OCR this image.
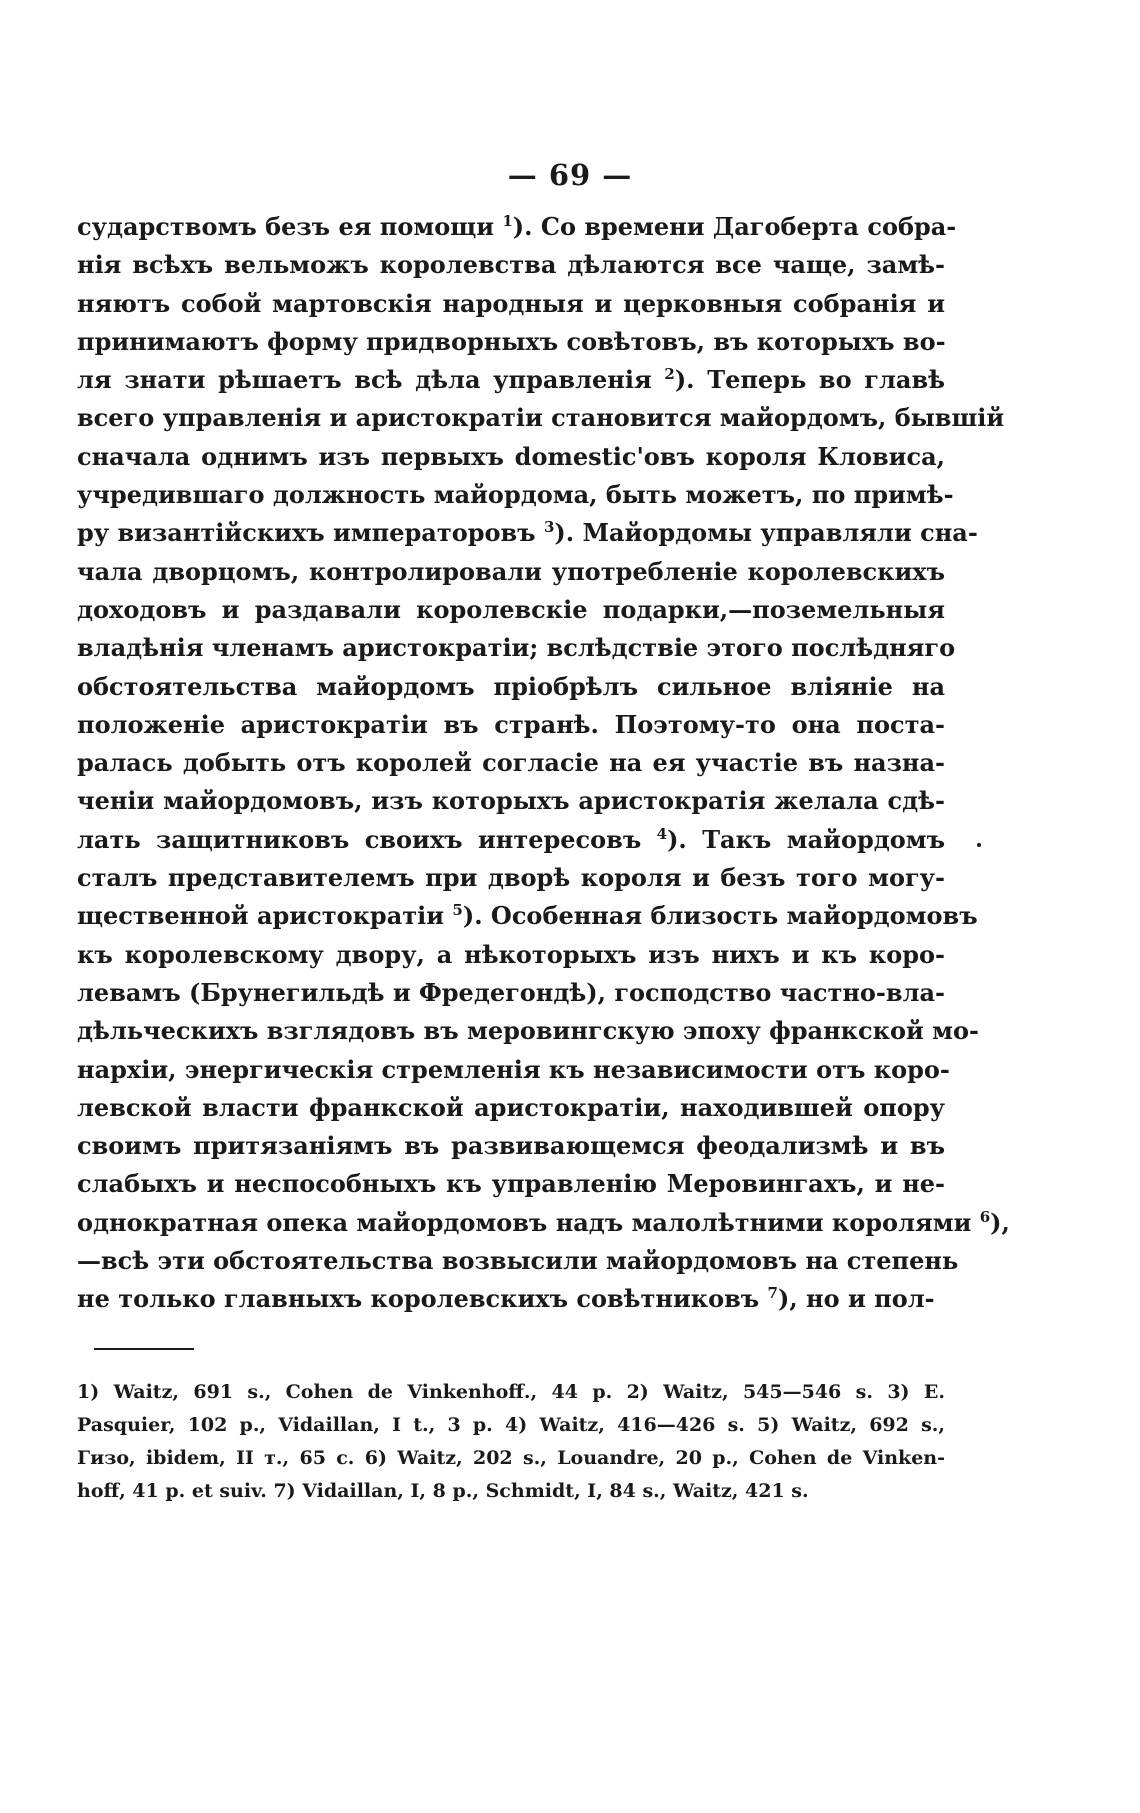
— 69 —
сударствомъ безъ ея помощи $^1$). Со времени Дагоберта собра-
нія всѣхъ вельможъ королевства дѣлаются все чаще, замѣ-
няютъ собой мартовскія народныя и церковныя собранія и
принимаютъ форму придворныхъ совѣтовъ, въ которыхъ во-
ля знати рѣшаетъ всѣ дѣла управленія $^2$). Теперь во главѣ
всего управленія и аристократіи становится майордомъ, бывшій
сначала однимъ изъ первыхъ domestic'овъ короля Кловиса,
учредившаго должность майордома, быть можетъ, по примѣ-
ру византійскихъ императоровъ $^3$). Майордомы управляли сна-
чала дворцомъ, контролировали употребленіе королевскихъ
доходовъ и раздавали королевскіе подарки,—поземельныя
владѣнія членамъ аристократіи; вслѣдствіе этого послѣдняго
обстоятельства майордомъ пріобрѣлъ сильное вліяніе на
положеніе аристократіи въ странѣ. Поэтому-то она поста-
ралась добыть отъ королей согласіе на ея участіе въ назна-
ченіи майордомовъ, изъ которыхъ аристократія желала сдѣ-
лать защитниковъ своихъ интересовъ $^4$). Такъ майордомъ
сталъ представителемъ при дворѣ короля и безъ того могу-
щественной аристократіи $^5$). Особенная близость майордомовъ
къ королевскому двору, а нѣкоторыхъ изъ нихъ и къ коро-
левамъ (Брунегильдѣ и Фредегондѣ), господство частно-вла-
дѣльческихъ взглядовъ въ меровингскую эпоху франкской мо-
нархіи, энергическія стремленія къ независимости отъ коро-
левской власти франкской аристократіи, находившей опору
своимъ притязаніямъ въ развивающемся феодализмѣ и въ
слабыхъ и неспособныхъ къ управленію Меровингахъ, и не-
однократная опека майордомовъ надъ малолѣтними королями $^6$),
—всѣ эти обстоятельства возвысили майордомовъ на степень
не только главныхъ королевскихъ совѣтниковъ $^7$), но и пол-
1) Waitz, 691 s., Cohen de Vinkenhoff., 44 p. 2) Waitz, 545—546 s. 3) E.
Pasquier, 102 p., Vidaillan, I t., 3 p. 4) Waitz, 416—426 s. 5) Waitz, 692 s.,
Гизо, ibidem, II т., 65 с. 6) Waitz, 202 s., Louandre, 20 p., Cohen de Vinken-
hoff, 41 p. et suiv. 7) Vidaillan, I, 8 p., Schmidt, I, 84 s., Waitz, 421 s.
